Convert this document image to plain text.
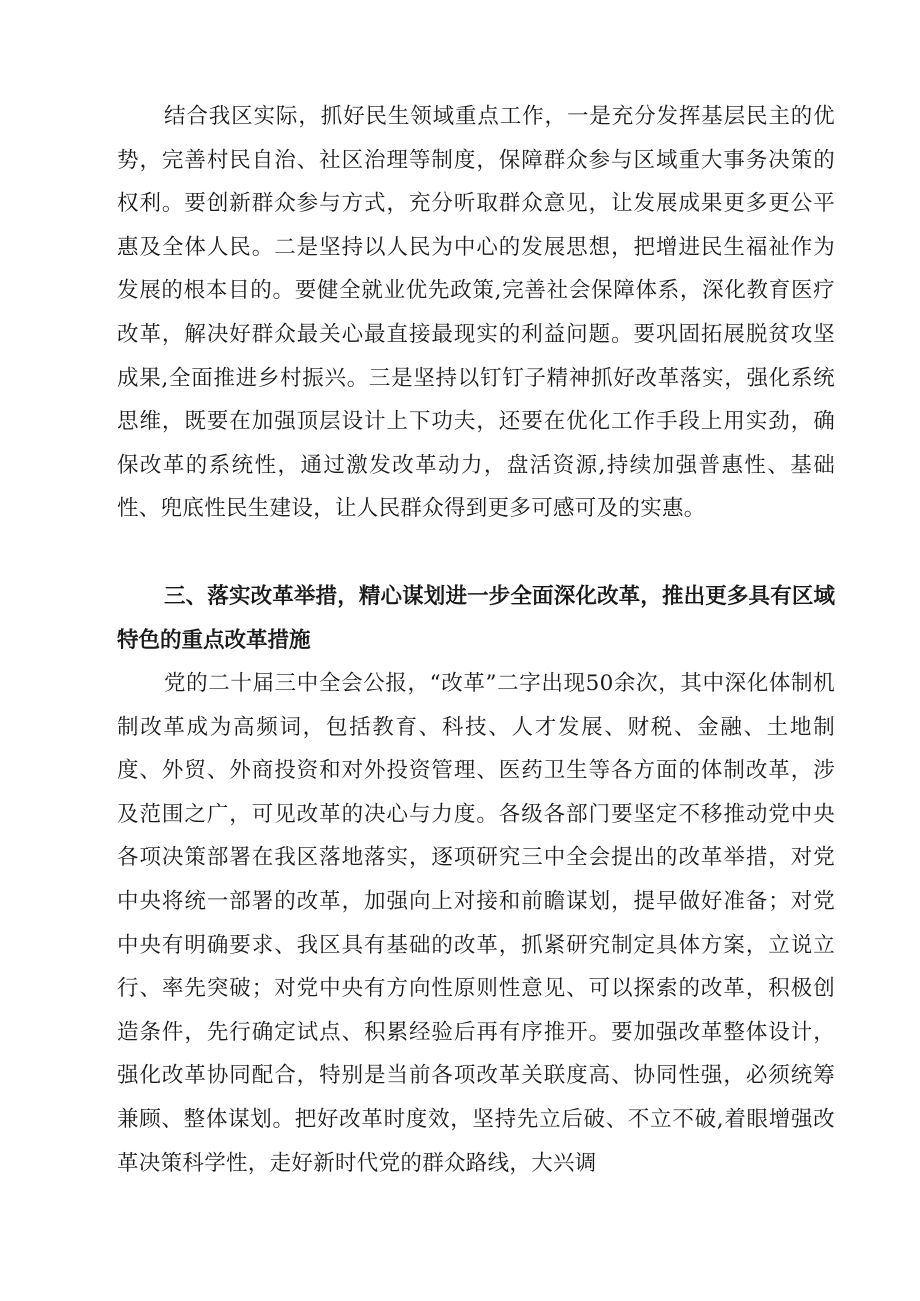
结合我区实际，抓好民生领域重点工作，一是充分发挥基层民主的优势，完善村民自治、社区治理等制度，保障群众参与区域重大事务决策的权利。要创新群众参与方式，充分听取群众意见，让发展成果更多更公平惠及全体人民。二是坚持以人民为中心的发展思想，把增进民生福祉作为发展的根本目的。要健全就业优先政策,完善社会保障体系，深化教育医疗改革，解决好群众最关心最直接最现实的利益问题。要巩固拓展脱贫攻坚成果,全面推进乡村振兴。三是坚持以钉钉子精神抓好改革落实，强化系统思维，既要在加强顶层设计上下功夫，还要在优化工作手段上用实劲，确保改革的系统性，通过激发改革动力，盘活资源,持续加强普惠性、基础性、兜底性民生建设，让人民群众得到更多可感可及的实惠。

三、落实改革举措，精心谋划进一步全面深化改革，推出更多具有区域特色的重点改革措施

党的二十届三中全会公报，“改革”二字出现50余次，其中深化体制机制改革成为高频词，包括教育、科技、人才发展、财税、金融、土地制度、外贸、外商投资和对外投资管理、医药卫生等各方面的体制改革，涉及范围之广，可见改革的决心与力度。各级各部门要坚定不移推动党中央各项决策部署在我区落地落实，逐项研究三中全会提出的改革举措，对党中央将统一部署的改革，加强向上对接和前瞻谋划，提早做好准备；对党中央有明确要求、我区具有基础的改革，抓紧研究制定具体方案，立说立行、率先突破；对党中央有方向性原则性意见、可以探索的改革，积极创造条件，先行确定试点、积累经验后再有序推开。要加强改革整体设计，强化改革协同配合，特别是当前各项改革关联度高、协同性强，必须统筹兼顾、整体谋划。把好改革时度效，坚持先立后破、不立不破,着眼增强改革决策科学性，走好新时代党的群众路线，大兴调
